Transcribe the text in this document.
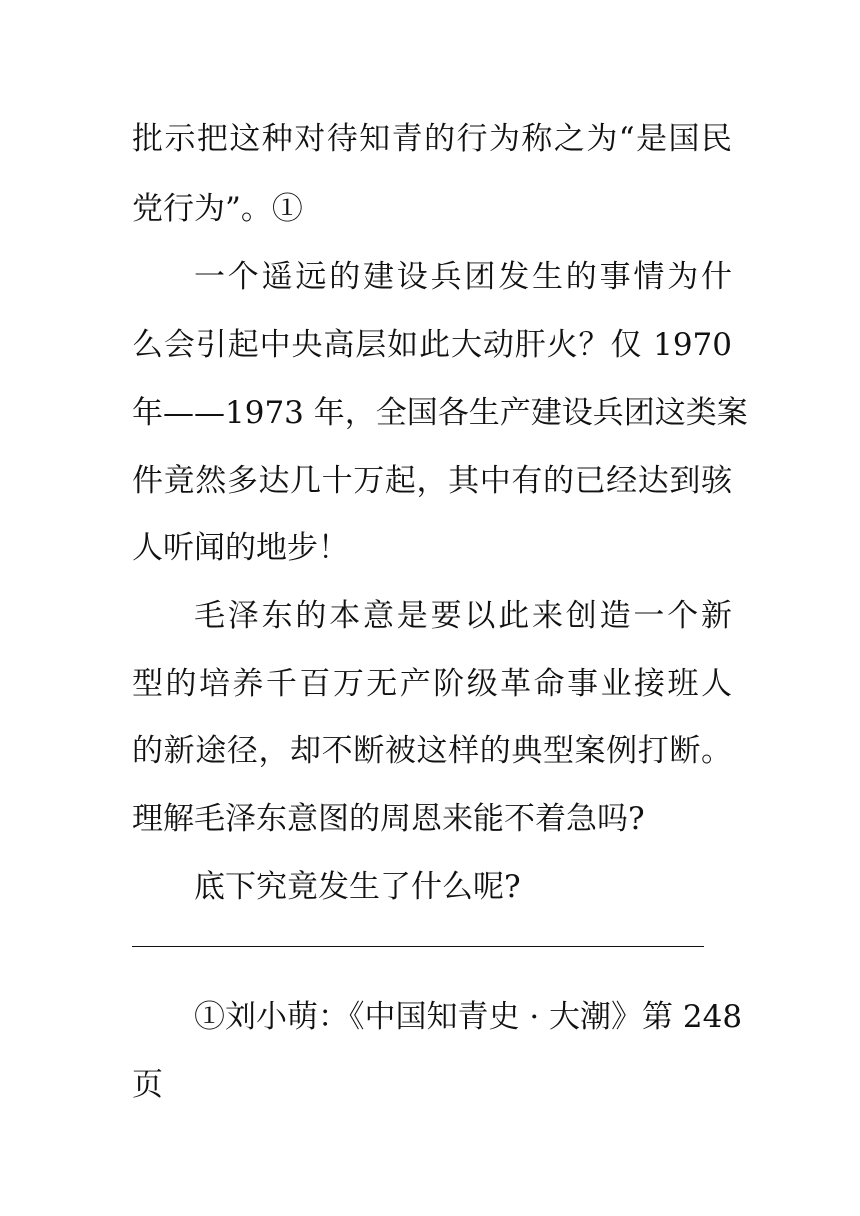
批示把这种对待知青的行为称之为“是国民
党行为”。①
一个遥远的建设兵团发生的事情为什
么会引起中央高层如此大动肝火？仅 1970
年——1973 年，全国各生产建设兵团这类案
件竟然多达几十万起，其中有的已经达到骇
人听闻的地步！
毛泽东的本意是要以此来创造一个新
型的培养千百万无产阶级革命事业接班人
的新途径，却不断被这样的典型案例打断。
理解毛泽东意图的周恩来能不着急吗?
底下究竟发生了什么呢?
①刘小萌：《中国知青史 · 大潮》第 248
页
